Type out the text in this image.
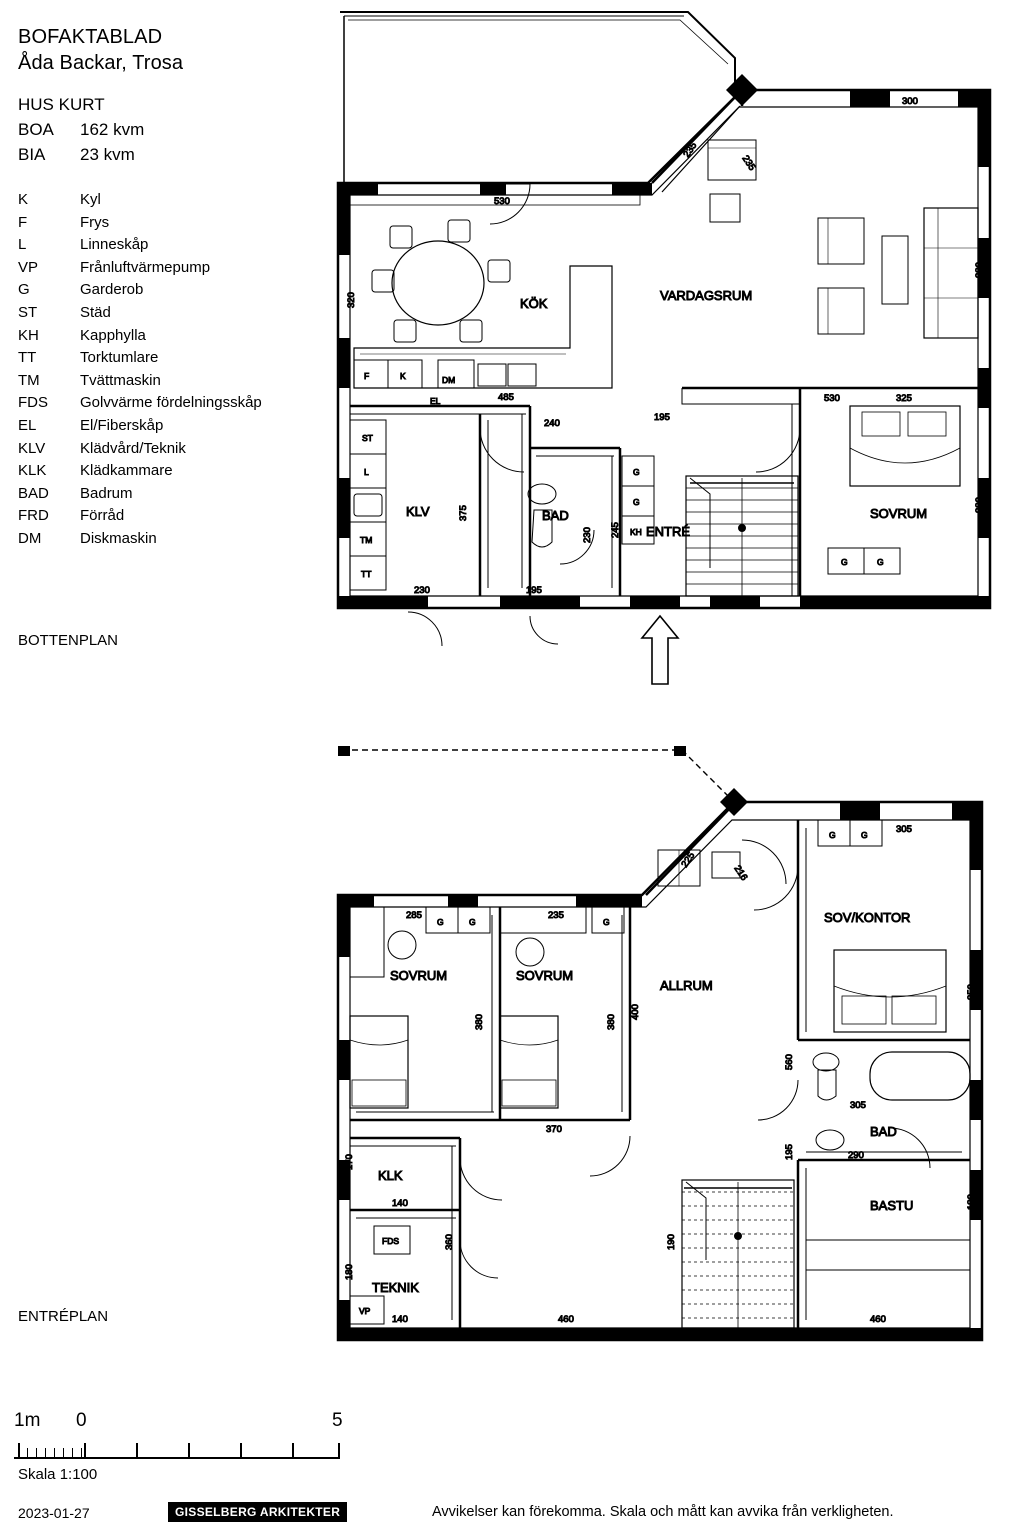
BOFAKTABLAD
Åda Backar, Trosa
HUS KURT
BOA	162 kvm
BIA	23 kvm
K	Kyl
F	Frys
L	Linneskåp
VP	Frånluftvärmepump
G	Garderob
ST	Städ
KH	Kapphylla
TT	Torktumlare
TM	Tvättmaskin
FDS	Golvvärme fördelningsskåp
EL	El/Fiberskåp
KLV	Klädvård/Teknik
KLK	Klädkammare
BAD	Badrum
FRD	Förråd
DM	Diskmaskin
BOTTENPLAN
ENTRÉPLAN
F	K	DM
EL
KÖK
VARDAGSRUM
SOVRUM
G	G
ENTRÉ
KLV
ST
L
TM
TT
BAD
G
G
KH
530
300
320
235
235
380
485
240
530
195
325
380
375
230 245
230	195
SOVRUM
G	G
SOVRUM
G
ALLRUM
SOV/KONTOR
G	G
BAD
BASTU
KLK
TEKNIK
FDS
VP
285	235
305
225
216
380	380
400
350
560
370
305
195	290
170
140
360
180
140	460
190
460
180
1m 0	5
Skala 1:100
2023-01-27	GISSELBERG ARKITEKTER	Avvikelser kan förekomma. Skala och mått kan avvika från verkligheten.
